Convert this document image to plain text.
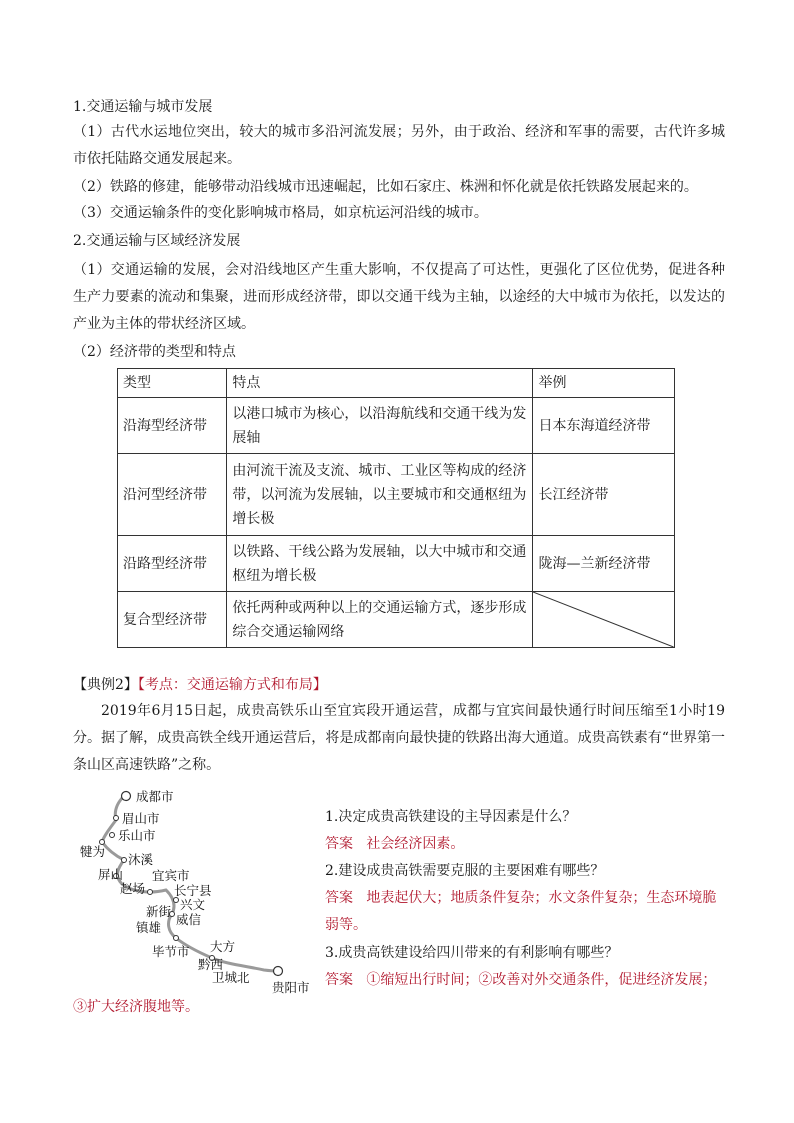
1.交通运输与城市发展
（1）古代水运地位突出，较大的城市多沿河流发展；另外，由于政治、经济和军事的需要，古代许多城市依托陆路交通发展起来。
（2）铁路的修建，能够带动沿线城市迅速崛起，比如石家庄、株洲和怀化就是依托铁路发展起来的。
（3）交通运输条件的变化影响城市格局，如京杭运河沿线的城市。
2.交通运输与区域经济发展
（1）交通运输的发展，会对沿线地区产生重大影响，不仅提高了可达性，更强化了区位优势，促进各种生产力要素的流动和集聚，进而形成经济带，即以交通干线为主轴，以途经的大中城市为依托，以发达的产业为主体的带状经济区域。
（2）经济带的类型和特点
类型	特点	举例
沿海型经济带	以港口城市为核心，以沿海航线和交通干线为发展轴	日本东海道经济带
沿河型经济带	由河流干流及支流、城市、工业区等构成的经济带，以河流为发展轴，以主要城市和交通枢纽为增长极	长江经济带
沿路型经济带	以铁路、干线公路为发展轴，以大中城市和交通枢纽为增长极	陇海—兰新经济带
复合型经济带	依托两种或两种以上的交通运输方式，逐步形成综合交通运输网络	
【典例2】【考点：交通运输方式和布局】
2019年6月15日起，成贵高铁乐山至宜宾段开通运营，成都与宜宾间最快通行时间压缩至1小时19分。据了解，成贵高铁全线开通运营后，将是成都南向最快捷的铁路出海大通道。成贵高铁素有“世界第一条山区高速铁路”之称。
成都市
眉山市
乐山市
犍为
沐溪
屏山 宜宾市
赵场 长宁县
兴文
新街
威信
镇雄
毕节市 大方
黔西
卫城北
贵阳市
1.决定成贵高铁建设的主导因素是什么？
答案 社会经济因素。
2.建设成贵高铁需要克服的主要困难有哪些？
答案 地表起伏大；地质条件复杂；水文条件复杂；生态环境脆弱等。
3.成贵高铁建设给四川带来的有利影响有哪些？
答案 ①缩短出行时间；②改善对外交通条件，促进经济发展；③扩大经济腹地等。
